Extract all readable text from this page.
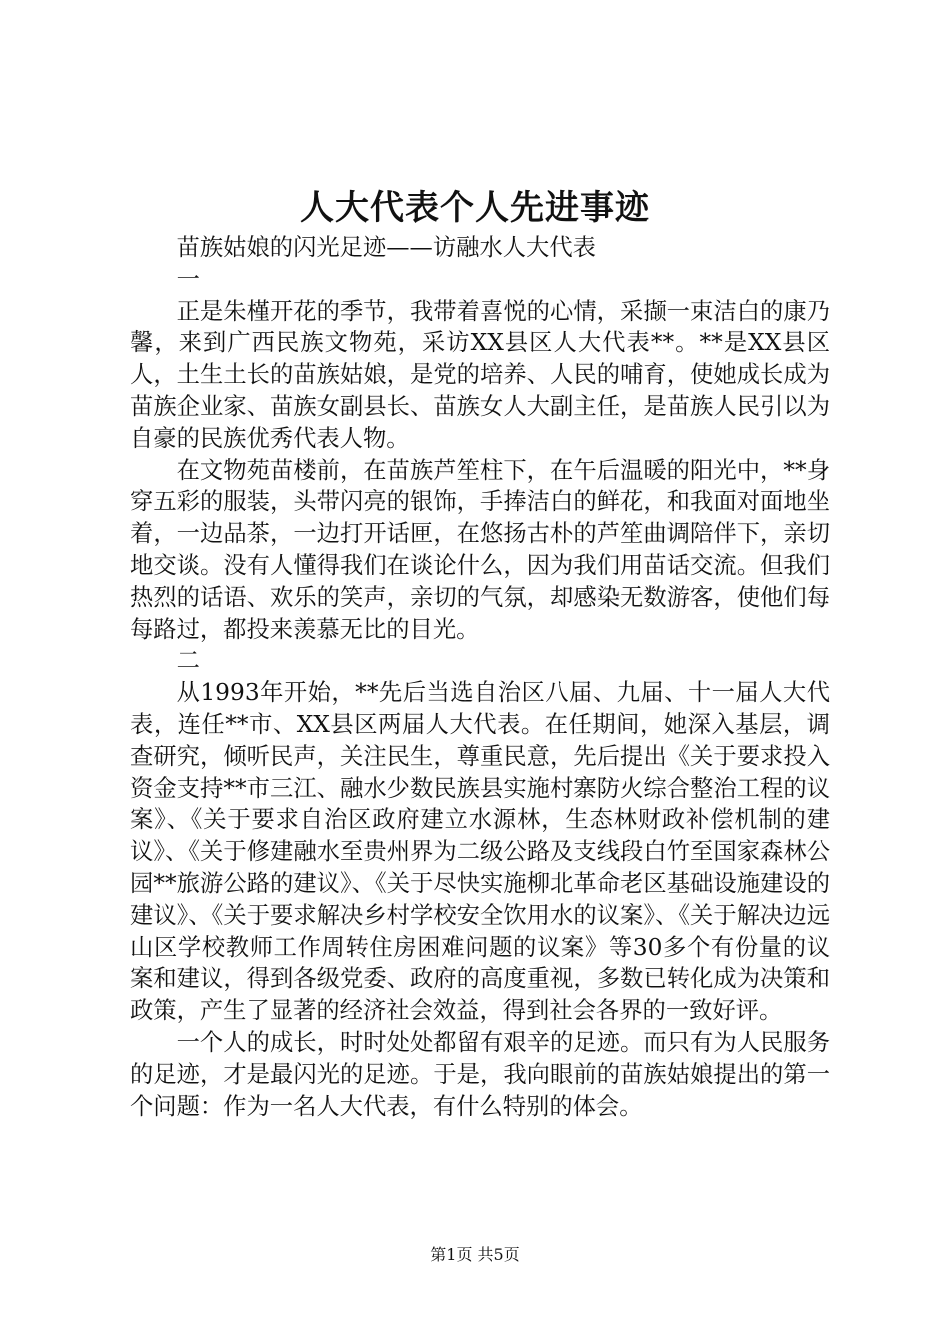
人大代表个人先进事迹

苗族姑娘的闪光足迹——访融水人大代表

一

正是朱槿开花的季节，我带着喜悦的心情，采撷一束洁白的康乃馨，来到广西民族文物苑，采访XX县区人大代表**。**是XX县区人，土生土长的苗族姑娘，是党的培养、人民的哺育，使她成长成为苗族企业家、苗族女副县长、苗族女人大副主任，是苗族人民引以为自豪的民族优秀代表人物。

在文物苑苗楼前，在苗族芦笙柱下，在午后温暖的阳光中，**身穿五彩的服装，头带闪亮的银饰，手捧洁白的鲜花，和我面对面地坐着，一边品茶，一边打开话匣，在悠扬古朴的芦笙曲调陪伴下，亲切地交谈。没有人懂得我们在谈论什么，因为我们用苗话交流。但我们热烈的话语、欢乐的笑声，亲切的气氛，却感染无数游客，使他们每每路过，都投来羡慕无比的目光。

二

从1993年开始，**先后当选自治区八届、九届、十一届人大代表，连任**市、XX县区两届人大代表。在任期间，她深入基层，调查研究，倾听民声，关注民生，尊重民意，先后提出《关于要求投入资金支持**市三江、融水少数民族县实施村寨防火综合整治工程的议案》、《关于要求自治区政府建立水源林，生态林财政补偿机制的建议》、《关于修建融水至贵州界为二级公路及支线段白竹至国家森林公园**旅游公路的建议》、《关于尽快实施柳北革命老区基础设施建设的建议》、《关于要求解决乡村学校安全饮用水的议案》、《关于解决边远山区学校教师工作周转住房困难问题的议案》等30多个有份量的议案和建议，得到各级党委、政府的高度重视，多数已转化成为决策和政策，产生了显著的经济社会效益，得到社会各界的一致好评。

一个人的成长，时时处处都留有艰辛的足迹。而只有为人民服务的足迹，才是最闪光的足迹。于是，我向眼前的苗族姑娘提出的第一个问题：作为一名人大代表，有什么特别的体会。

第1页 共5页
